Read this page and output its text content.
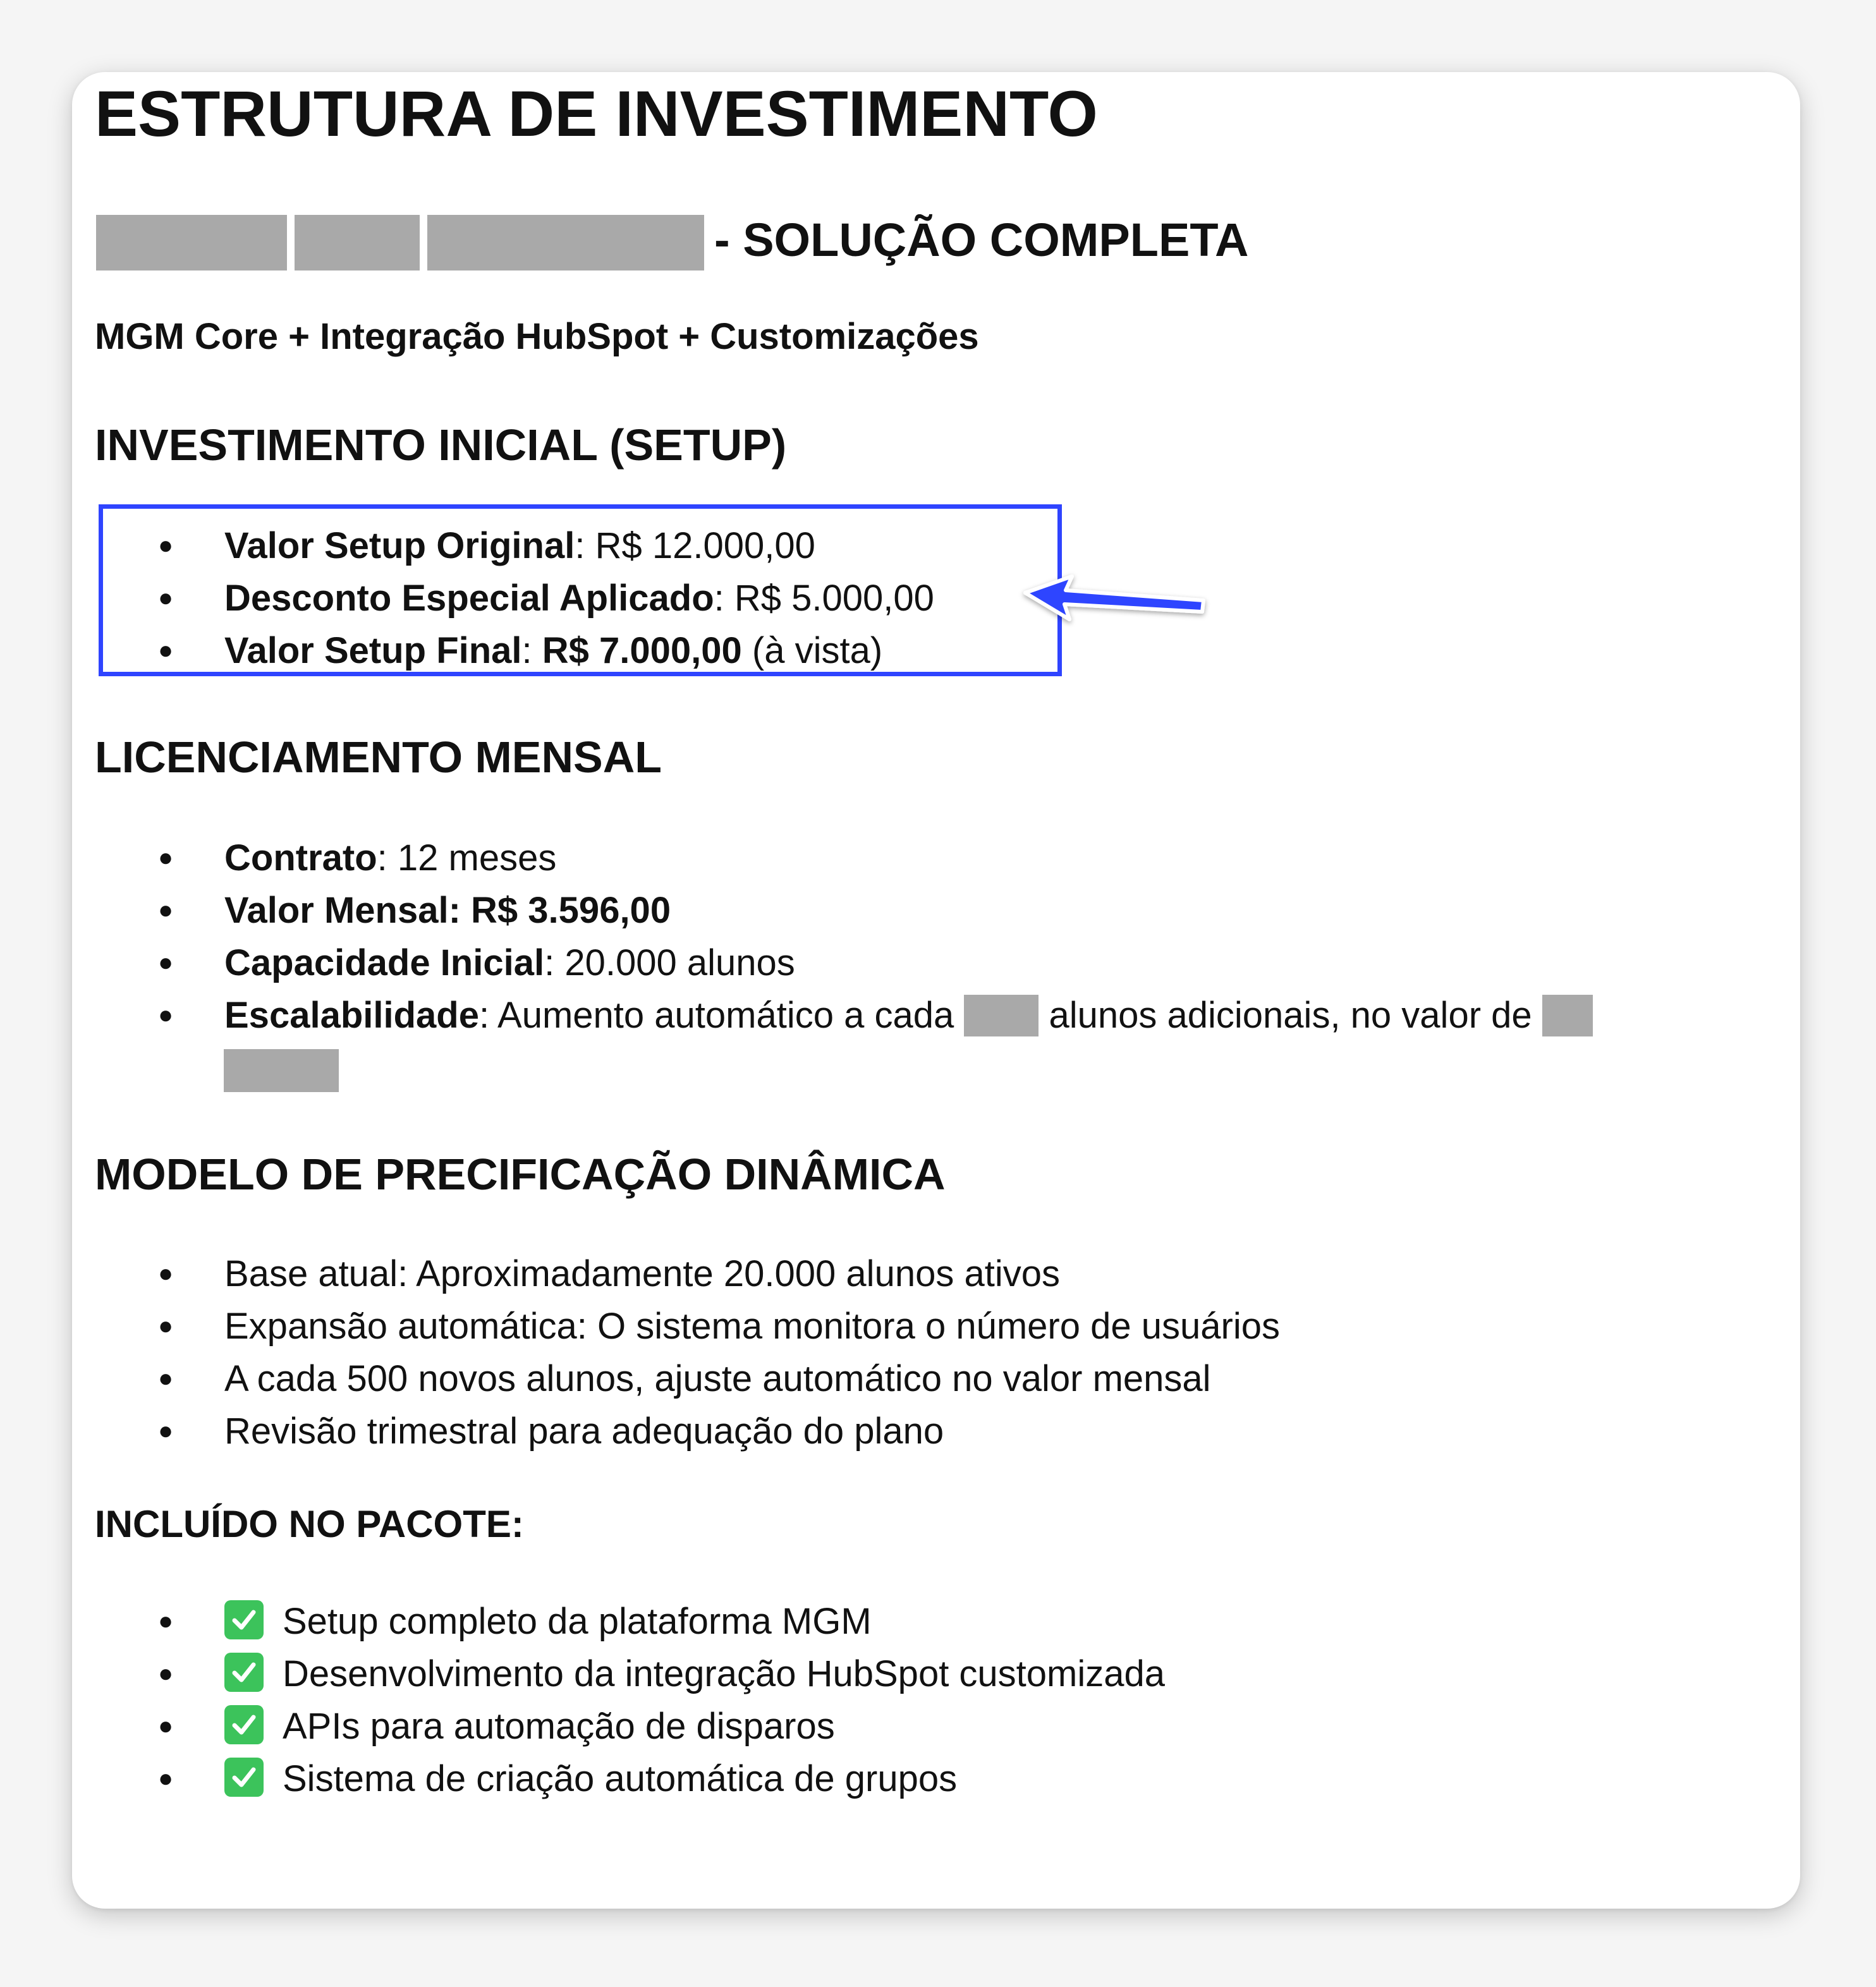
ESTRUTURA DE INVESTIMENTO
- SOLUÇÃO COMPLETA
MGM Core + Integração HubSpot + Customizações
INVESTIMENTO INICIAL (SETUP)
● Valor Setup Original: R$ 12.000,00
● Desconto Especial Aplicado: R$ 5.000,00
● Valor Setup Final: R$ 7.000,00 (à vista)
LICENCIAMENTO MENSAL
● Contrato: 12 meses
● Valor Mensal: R$ 3.596,00
● Capacidade Inicial: 20.000 alunos
● Escalabilidade: Aumento automático a cada  alunos adicionais, no valor de
MODELO DE PRECIFICAÇÃO DINÂMICA
● Base atual: Aproximadamente 20.000 alunos ativos
● Expansão automática: O sistema monitora o número de usuários
● A cada 500 novos alunos, ajuste automático no valor mensal
● Revisão trimestral para adequação do plano
INCLUÍDO NO PACOTE:
● Setup completo da plataforma MGM
● Desenvolvimento da integração HubSpot customizada
● APIs para automação de disparos
● Sistema de criação automática de grupos
